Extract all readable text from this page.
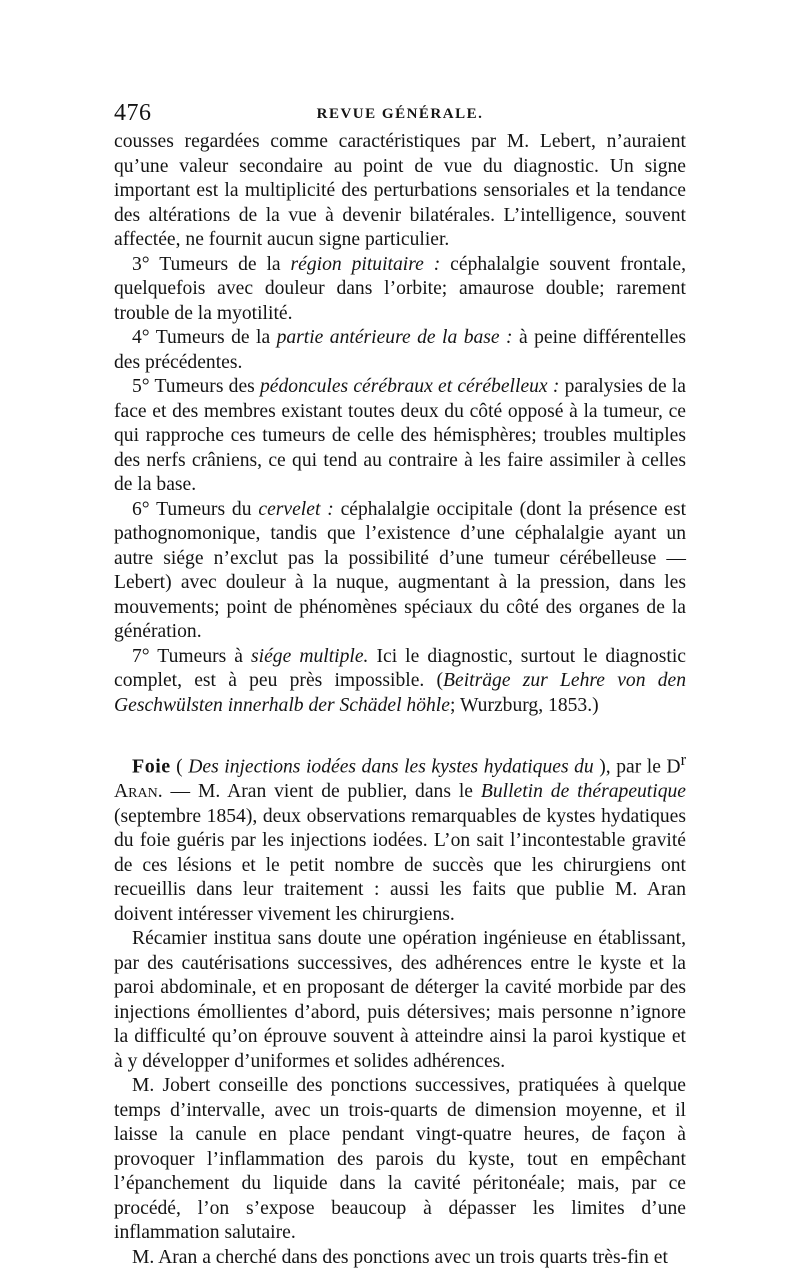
476	REVUE GÉNÉRALE.

cousses regardées comme caractéristiques par M. Lebert, n’auraient qu’une valeur secondaire au point de vue du diagnostic. Un signe important est la multiplicité des perturbations sensoriales et la tendance des altérations de la vue à devenir bilatérales. L’intelligence, souvent affectée, ne fournit aucun signe particulier.

3° Tumeurs de la région pituitaire : céphalalgie souvent frontale, quelquefois avec douleur dans l’orbite; amaurose double; rarement trouble de la myotilité.

4° Tumeurs de la partie antérieure de la base : à peine différentelles des précédentes.

5° Tumeurs des pédoncules cérébraux et cérébelleux : paralysies de la face et des membres existant toutes deux du côté opposé à la tumeur, ce qui rapproche ces tumeurs de celle des hémisphères; troubles multiples des nerfs crâniens, ce qui tend au contraire à les faire assimiler à celles de la base.

6° Tumeurs du cervelet : céphalalgie occipitale (dont la présence est pathognomonique, tandis que l’existence d’une céphalalgie ayant un autre siége n’exclut pas la possibilité d’une tumeur cérébelleuse — Lebert) avec douleur à la nuque, augmentant à la pression, dans les mouvements; point de phénomènes spéciaux du côté des organes de la génération.

7° Tumeurs à siége multiple. Ici le diagnostic, surtout le diagnostic complet, est à peu près impossible. (Beiträge zur Lehre von den Geschwülsten innerhalb der Schädel höhle; Wurzburg, 1853.)

Foie ( Des injections iodées dans les kystes hydatiques du ), par le $D^r$ Aran. — M. Aran vient de publier, dans le Bulletin de thérapeutique (septembre 1854), deux observations remarquables de kystes hydatiques du foie guéris par les injections iodées. L’on sait l’incontestable gravité de ces lésions et le petit nombre de succès que les chirurgiens ont recueillis dans leur traitement : aussi les faits que publie M. Aran doivent intéresser vivement les chirurgiens.

Récamier institua sans doute une opération ingénieuse en établissant, par des cautérisations successives, des adhérences entre le kyste et la paroi abdominale, et en proposant de déterger la cavité morbide par des injections émollientes d’abord, puis détersives; mais personne n’ignore la difficulté qu’on éprouve souvent à atteindre ainsi la paroi kystique et à y développer d’uniformes et solides adhérences.

M. Jobert conseille des ponctions successives, pratiquées à quelque temps d’intervalle, avec un trois-quarts de dimension moyenne, et il laisse la canule en place pendant vingt-quatre heures, de façon à provoquer l’inflammation des parois du kyste, tout en empêchant l’épanchement du liquide dans la cavité péritonéale; mais, par ce procédé, l’on s’expose beaucoup à dépasser les limites d’une inflammation salutaire.

M. Aran a cherché dans des ponctions avec un trois quarts très-fin et
